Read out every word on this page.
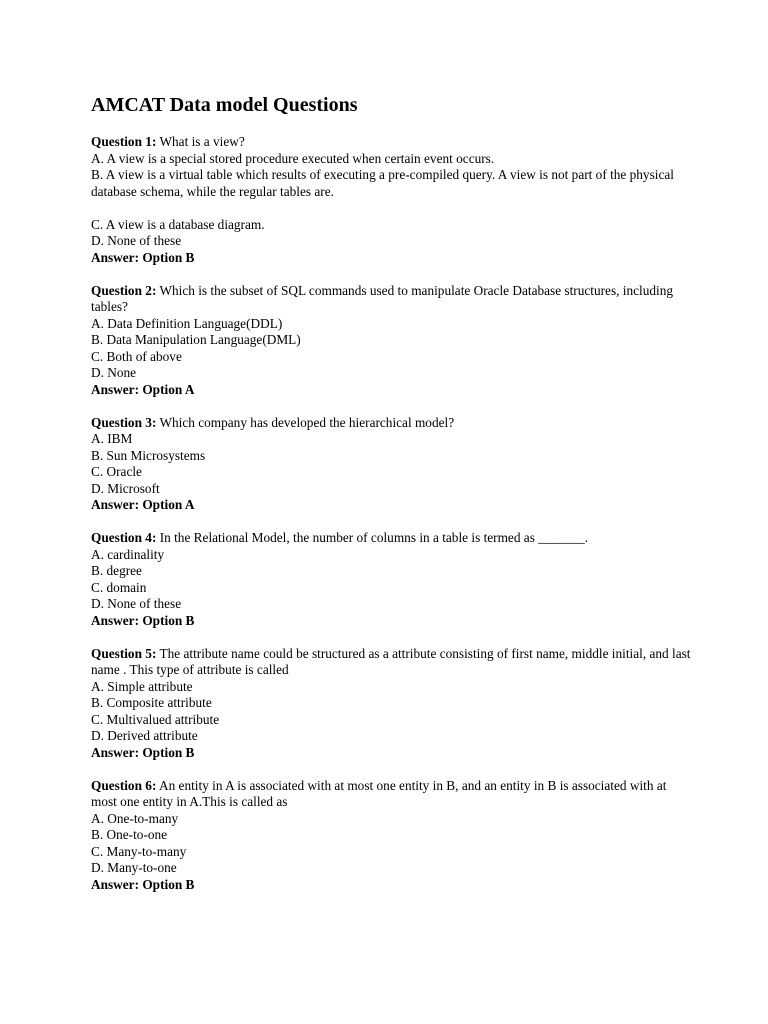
AMCAT Data model Questions
Question 1: What is a view?
A. A view is a special stored procedure executed when certain event occurs.
B. A view is a virtual table which results of executing a pre-compiled query. A view is not part of the physical database schema, while the regular tables are.
C. A view is a database diagram.
D. None of these
Answer: Option B
Question 2: Which is the subset of SQL commands used to manipulate Oracle Database structures, including tables?
A. Data Definition Language(DDL)
B. Data Manipulation Language(DML)
C. Both of above
D. None
Answer: Option A
Question 3: Which company has developed the hierarchical model?
A. IBM
B. Sun Microsystems
C. Oracle
D. Microsoft
Answer: Option A
Question 4: In the Relational Model, the number of columns in a table is termed as _______.
A. cardinality
B. degree
C. domain
D. None of these
Answer: Option B
Question 5: The attribute name could be structured as a attribute consisting of first name, middle initial, and last name . This type of attribute is called
A. Simple attribute
B. Composite attribute
C. Multivalued attribute
D. Derived attribute
Answer: Option B
Question 6: An entity in A is associated with at most one entity in B, and an entity in B is associated with at most one entity in A.This is called as
A. One-to-many
B. One-to-one
C. Many-to-many
D. Many-to-one
Answer: Option B
